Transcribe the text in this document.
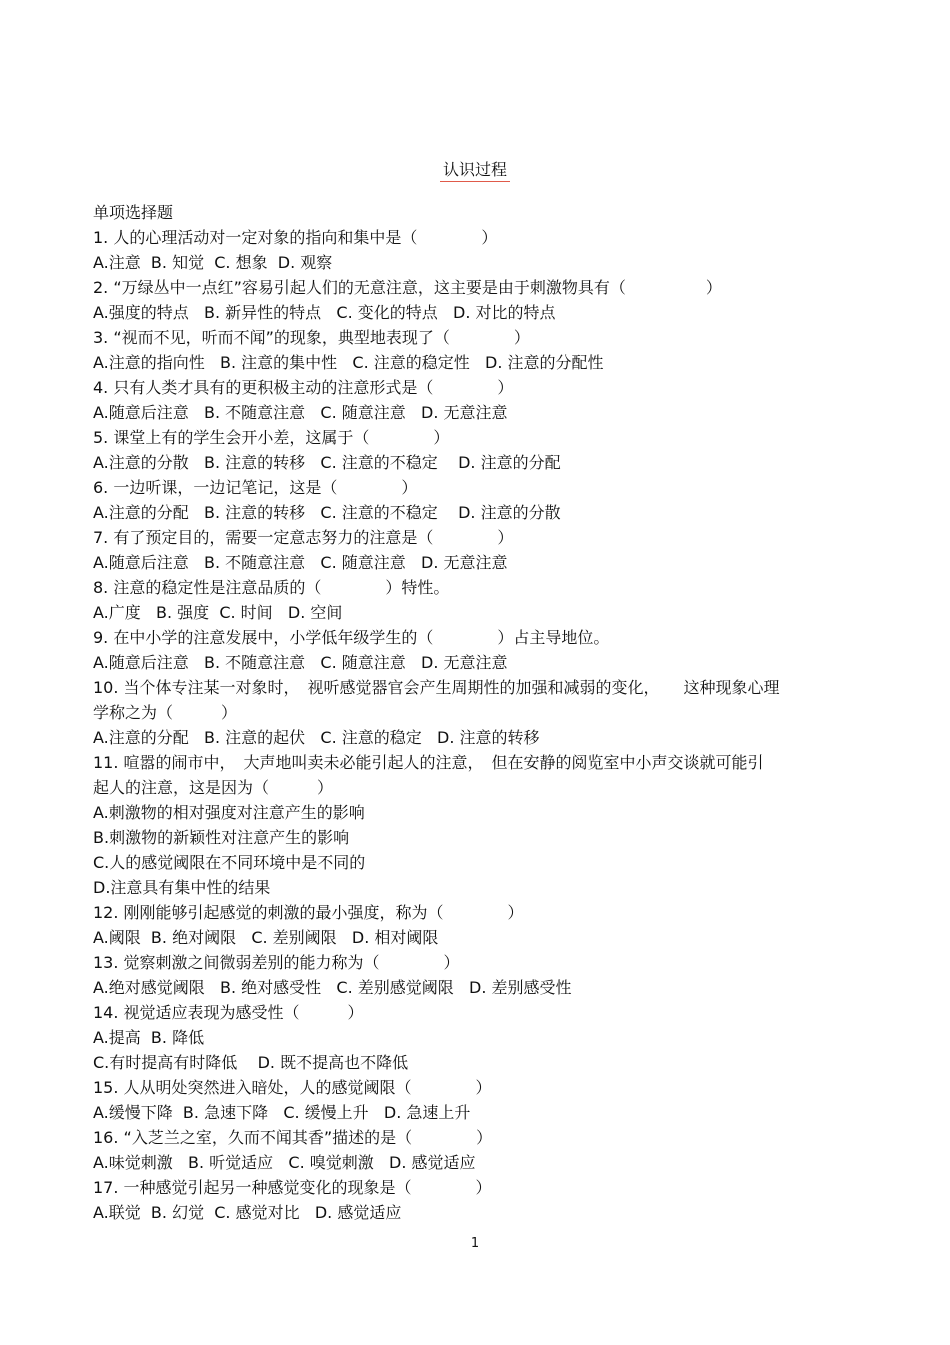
认识过程

单项选择题

1. 人的心理活动对一定对象的指向和集中是（　　　　）

A.注意  B. 知觉  C. 想象  D. 观察

2. “万绿丛中一点红”容易引起人们的无意注意，这主要是由于刺激物具有（　　　　　）

A.强度的特点   B. 新异性的特点   C. 变化的特点   D. 对比的特点

3. “视而不见，听而不闻”的现象，典型地表现了（　　　　）

A.注意的指向性   B. 注意的集中性   C. 注意的稳定性   D. 注意的分配性

4. 只有人类才具有的更积极主动的注意形式是（　　　　）

A.随意后注意   B. 不随意注意   C. 随意注意   D. 无意注意

5. 课堂上有的学生会开小差，这属于（　　　　）

A.注意的分散   B. 注意的转移   C. 注意的不稳定    D. 注意的分配

6. 一边听课，一边记笔记，这是（　　　　）

A.注意的分配   B. 注意的转移   C. 注意的不稳定    D. 注意的分散

7. 有了预定目的，需要一定意志努力的注意是（　　　　）

A.随意后注意   B. 不随意注意   C. 随意注意   D. 无意注意

8. 注意的稳定性是注意品质的（　　　　）特性。

A.广度   B. 强度  C. 时间   D. 空间

9. 在中小学的注意发展中，小学低年级学生的（　　　　）占主导地位。

A.随意后注意   B. 不随意注意   C. 随意注意   D. 无意注意

10. 当个体专注某一对象时，　视听感觉器官会产生周期性的加强和减弱的变化，　　这种现象心理

学称之为（　　　）

A.注意的分配   B. 注意的起伏   C. 注意的稳定   D. 注意的转移

11. 喧嚣的闹市中，　大声地叫卖未必能引起人的注意，　但在安静的阅览室中小声交谈就可能引

起人的注意，这是因为（　　　）

A.刺激物的相对强度对注意产生的影响

B.刺激物的新颖性对注意产生的影响

C.人的感觉阈限在不同环境中是不同的

D.注意具有集中性的结果

12. 刚刚能够引起感觉的刺激的最小强度，称为（　　　　）

A.阈限  B. 绝对阈限   C. 差别阈限   D. 相对阈限

13. 觉察刺激之间微弱差别的能力称为（　　　　）

A.绝对感觉阈限   B. 绝对感受性   C. 差别感觉阈限   D. 差别感受性

14. 视觉适应表现为感受性（　　　）

A.提高  B. 降低

C.有时提高有时降低    D. 既不提高也不降低

15. 人从明处突然进入暗处，人的感觉阈限（　　　　）

A.缓慢下降  B. 急速下降   C. 缓慢上升   D. 急速上升

16. “入芝兰之室，久而不闻其香”描述的是（　　　　）

A.味觉刺激   B. 听觉适应   C. 嗅觉刺激   D. 感觉适应

17. 一种感觉引起另一种感觉变化的现象是（　　　　）

A.联觉  B. 幻觉  C. 感觉对比   D. 感觉适应

1
